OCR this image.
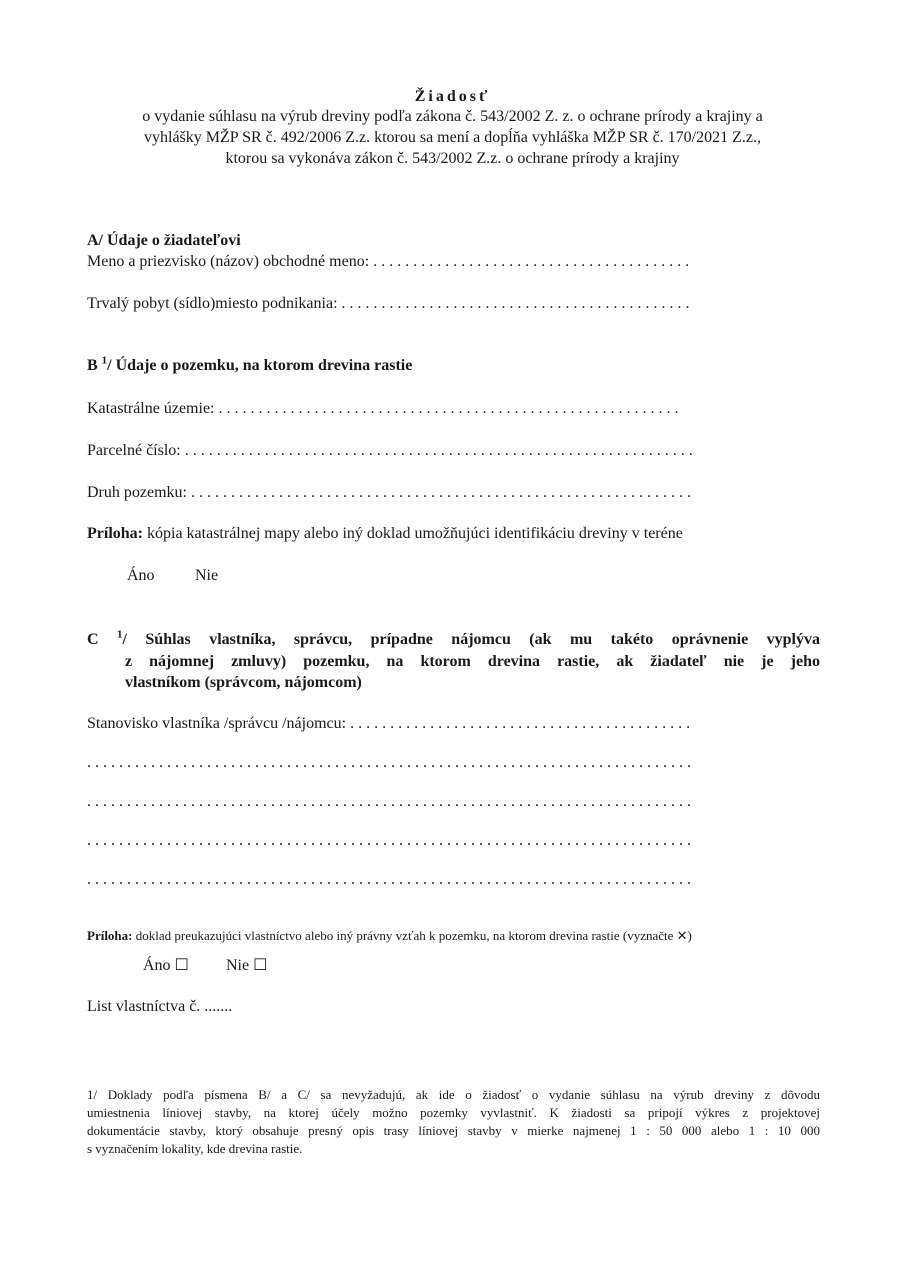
Žiadosť
o vydanie súhlasu na výrub dreviny podľa zákona č. 543/2002 Z. z. o ochrane prírody a krajiny a
vyhlášky MŽP SR č. 492/2006 Z.z. ktorou sa mení a dopĺňa vyhláška MŽP SR č. 170/2021 Z.z.,
ktorou sa vykonáva zákon č. 543/2002 Z.z. o ochrane prírody a krajiny
A/ Údaje o žiadateľovi
Meno a priezvisko (názov) obchodné meno: . . . . . . . . . . . . . . . . . . . . . . . . . . . . . . . . . . . . . . . .
Trvalý pobyt (sídlo)miesto podnikania: . . . . . . . . . . . . . . . . . . . . . . . . . . . . . . . . . . . . . . . . . . . .
B $^1$/ Údaje o pozemku, na ktorom drevina rastie
Katastrálne územie: . . . . . . . . . . . . . . . . . . . . . . . . . . . . . . . . . . . . . . . . . . . . . . . . . . . . . . . . . .
Parcelné číslo: . . . . . . . . . . . . . . . . . . . . . . . . . . . . . . . . . . . . . . . . . . . . . . . . . . . . . . . . . . . . . . . .
Druh pozemku: . . . . . . . . . . . . . . . . . . . . . . . . . . . . . . . . . . . . . . . . . . . . . . . . . . . . . . . . . . . . . . .
Príloha: kópia katastrálnej mapy alebo iný doklad umožňujúci identifikáciu dreviny v teréne
Áno	Nie
C $^1$/ Súhlas vlastníka, správcu, prípadne nájomcu (ak mu takéto oprávnenie vyplýva
z nájomnej zmluvy) pozemku, na ktorom drevina rastie, ak žiadateľ nie je jeho
vlastníkom (správcom, nájomcom)
Stanovisko vlastníka /správcu /nájomcu: . . . . . . . . . . . . . . . . . . . . . . . . . . . . . . . . . . . . . . . . . . .
. . . . . . . . . . . . . . . . . . . . . . . . . . . . . . . . . . . . . . . . . . . . . . . . . . . . . . . . . . . . . . . . . . . . . . . . . . . .
. . . . . . . . . . . . . . . . . . . . . . . . . . . . . . . . . . . . . . . . . . . . . . . . . . . . . . . . . . . . . . . . . . . . . . . . . . . .
. . . . . . . . . . . . . . . . . . . . . . . . . . . . . . . . . . . . . . . . . . . . . . . . . . . . . . . . . . . . . . . . . . . . . . . . . . . .
. . . . . . . . . . . . . . . . . . . . . . . . . . . . . . . . . . . . . . . . . . . . . . . . . . . . . . . . . . . . . . . . . . . . . . . . . . . .
Príloha: doklad preukazujúci vlastníctvo alebo iný právny vzťah k pozemku, na ktorom drevina rastie (vyznačte ✕)
Áno ☐ Nie ☐
List vlastníctva č. .......
1/ Doklady podľa písmena B/ a C/ sa nevyžadujú, ak ide o žiadosť o vydanie súhlasu na výrub dreviny z dôvodu
umiestnenia líniovej stavby, na ktorej účely možno pozemky vyvlastniť. K žiadosti sa pripojí výkres z projektovej
dokumentácie stavby, ktorý obsahuje presný opis trasy líniovej stavby v mierke najmenej 1 : 50 000 alebo 1 : 10 000
s vyznačením lokality, kde drevina rastie.
